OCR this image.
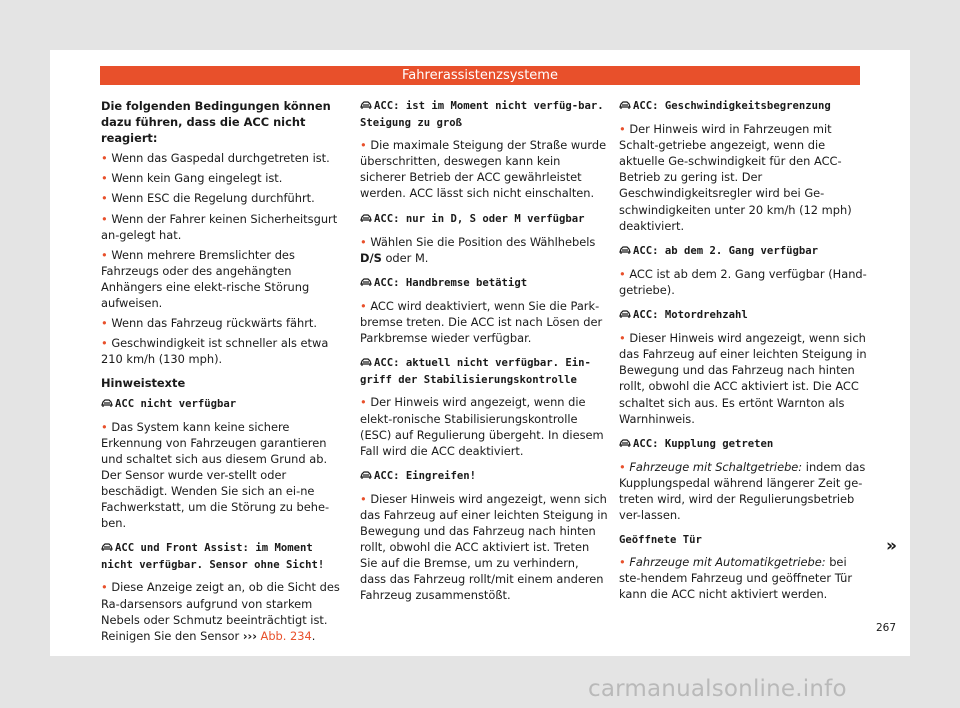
Fahrerassistenzsysteme

Die folgenden Bedingungen können dazu führen, dass die ACC nicht reagiert:

• Wenn das Gaspedal durchgetreten ist.

• Wenn kein Gang eingelegt ist.

• Wenn ESC die Regelung durchführt.

• Wenn der Fahrer keinen Sicherheitsgurt an-gelegt hat.

• Wenn mehrere Bremslichter des Fahrzeugs oder des angehängten Anhängers eine elekt-rische Störung aufweisen.

• Wenn das Fahrzeug rückwärts fährt.

• Geschwindigkeit ist schneller als etwa 210 km/h (130 mph).

Hinweistexte

ACC nicht verfügbar

• Das System kann keine sichere Erkennung von Fahrzeugen garantieren und schaltet sich aus diesem Grund ab. Der Sensor wurde ver-stellt oder beschädigt. Wenden Sie sich an ei-ne Fachwerkstatt, um die Störung zu behe-ben.

ACC und Front Assist: im Moment nicht verfügbar. Sensor ohne Sicht!

• Diese Anzeige zeigt an, ob die Sicht des Ra-darsensors aufgrund von starkem Nebels oder Schmutz beeinträchtigt ist. Reinigen Sie den Sensor ››› Abb. 234.

ACC: ist im Moment nicht verfüg-bar. Steigung zu groß

• Die maximale Steigung der Straße wurde überschritten, deswegen kann kein sicherer Betrieb der ACC gewährleistet werden. ACC lässt sich nicht einschalten.

ACC: nur in D, S oder M verfügbar

• Wählen Sie die Position des Wählhebels D/S oder M.

ACC: Handbremse betätigt

• ACC wird deaktiviert, wenn Sie die Park-bremse treten. Die ACC ist nach Lösen der Parkbremse wieder verfügbar.

ACC: aktuell nicht verfügbar. Ein-griff der Stabilisierungskontrolle

• Der Hinweis wird angezeigt, wenn die elekt-ronische Stabilisierungskontrolle (ESC) auf Regulierung übergeht. In diesem Fall wird die ACC deaktiviert.

ACC: Eingreifen!

• Dieser Hinweis wird angezeigt, wenn sich das Fahrzeug auf einer leichten Steigung in Bewegung und das Fahrzeug nach hinten rollt, obwohl die ACC aktiviert ist. Treten Sie auf die Bremse, um zu verhindern, dass das Fahrzeug rollt/mit einem anderen Fahrzeug zusammenstößt.

ACC: Geschwindigkeitsbegrenzung

• Der Hinweis wird in Fahrzeugen mit Schalt-getriebe angezeigt, wenn die aktuelle Ge-schwindigkeit für den ACC-Betrieb zu gering ist. Der Geschwindigkeitsregler wird bei Ge-schwindigkeiten unter 20 km/h (12 mph) deaktiviert.

ACC: ab dem 2. Gang verfügbar

• ACC ist ab dem 2. Gang verfügbar (Hand-getriebe).

ACC: Motordrehzahl

• Dieser Hinweis wird angezeigt, wenn sich das Fahrzeug auf einer leichten Steigung in Bewegung und das Fahrzeug nach hinten rollt, obwohl die ACC aktiviert ist. Die ACC schaltet sich aus. Es ertönt Warnton als Warnhinweis.

ACC: Kupplung getreten

• Fahrzeuge mit Schaltgetriebe: indem das Kupplungspedal während längerer Zeit ge-treten wird, wird der Regulierungsbetrieb ver-lassen.

Geöffnete Tür

• Fahrzeuge mit Automatikgetriebe: bei ste-hendem Fahrzeug und geöffneter Tür kann die ACC nicht aktiviert werden.

»
267
carmanualsonline.info
